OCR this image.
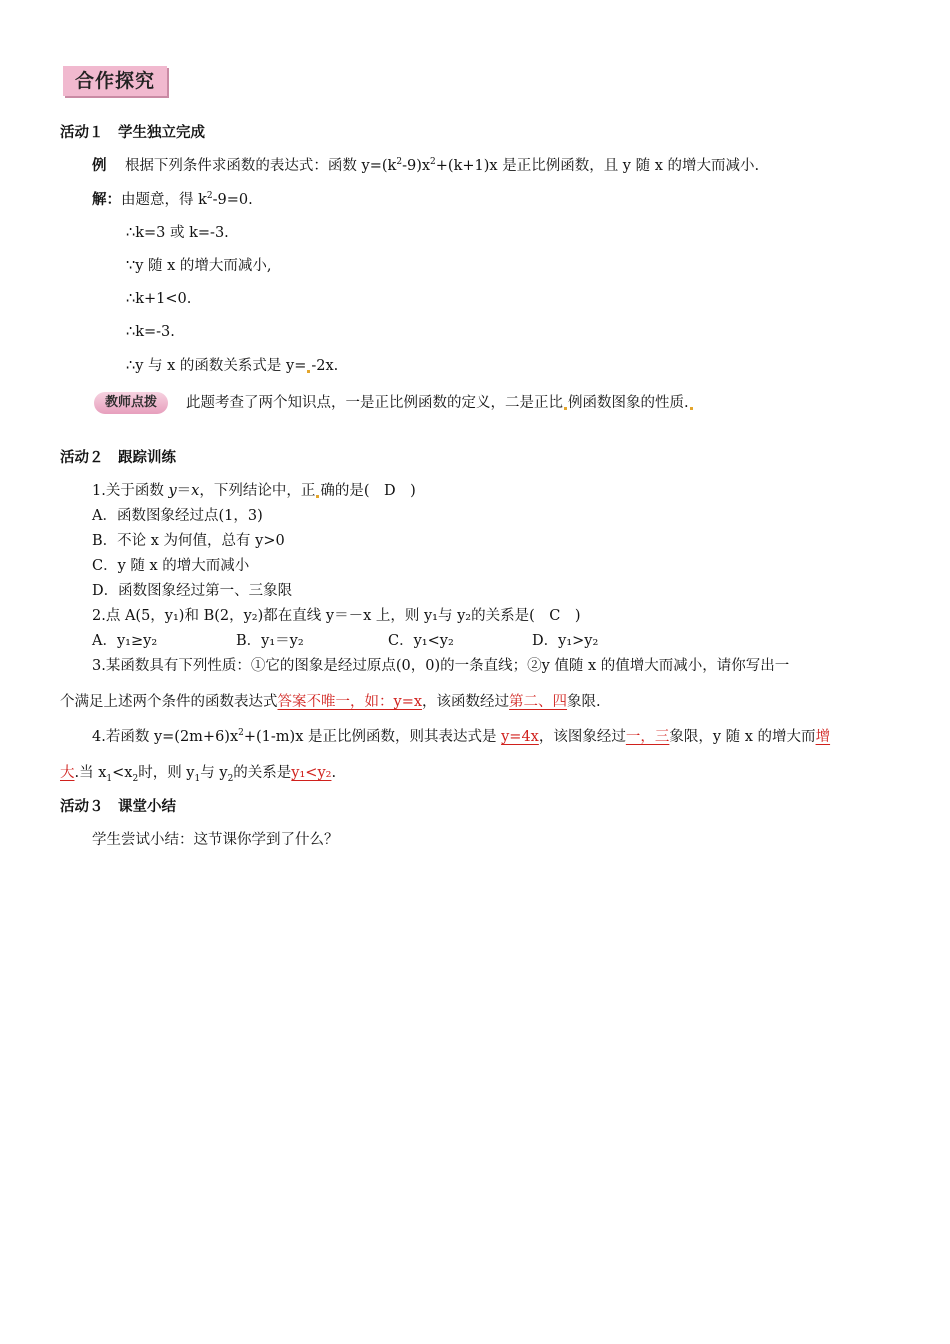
合作探究
活动１　学生独立完成
例 根据下列条件求函数的表达式：函数 $y=(k^2-9)x^2+(k+1)x$ 是正比例函数，且 y 随 x 的增大而减小.
解：由题意，得 $k^2-9=0$.
∴k=3 或 k=-3.
∵y 随 x 的增大而减小,
∴k+1<0.
∴k=-3.
∴y 与 x 的函数关系式是 y= -2x.
教师点拨 此题考查了两个知识点，一是正比例函数的定义，二是正比 例函数图象的性质.
活动２　跟踪训练
1.关于函数 y＝x，下列结论中，正 确的是(　D　)
A．函数图象经过点(1，3)
B．不论 x 为何值，总有 y>0
C．y 随 x 的增大而减小
D．函数图象经过第一、三象限
2.点 A(5，y₁)和 B(2，y₂)都在直线 y＝－x 上，则 y₁与 y₂的关系是(　C　)
A．y₁≥y₂	B．y₁＝y₂	C．y₁<y₂	D．y₁>y₂
3.某函数具有下列性质：①它的图象是经过原点(0，0)的一条直线；②y 值随 x 的值增大而减小，请你写出一
个满足上述两个条件的函数表达式答案不唯一，如：y=x，该函数经过第二、四象限.
4.若函数 $y=(2m+6)x^2+(1-m)x$ 是正比例函数，则其表达式是 y=4x，该图象经过一，三象限，y 随 x 的增大而增
大.当 $x_1<x_2$时，则 $y_1$与 $y_2$的关系是y₁<y₂.
活动３　课堂小结
学生尝试小结：这节课你学到了什么？
